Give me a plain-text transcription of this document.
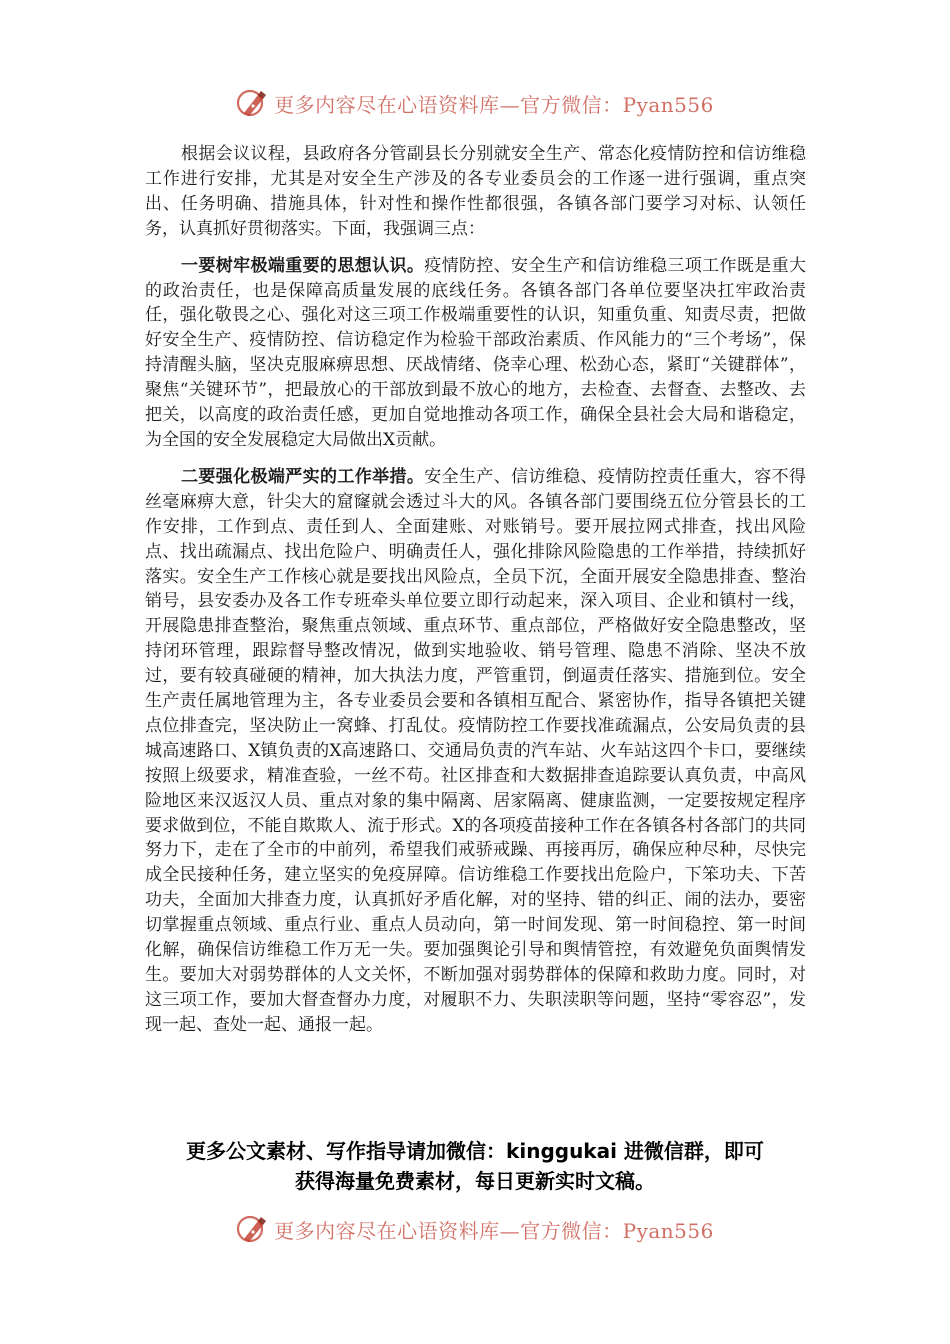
更多内容尽在心语资料库—官方微信：Pyan556

根据会议议程，县政府各分管副县长分别就安全生产、常态化疫情防控和信访维稳工作进行安排，尤其是对安全生产涉及的各专业委员会的工作逐一进行强调，重点突出、任务明确、措施具体，针对性和操作性都很强，各镇各部门要学习对标、认领任务，认真抓好贯彻落实。下面，我强调三点：

一要树牢极端重要的思想认识。疫情防控、安全生产和信访维稳三项工作既是重大的政治责任，也是保障高质量发展的底线任务。各镇各部门各单位要坚决扛牢政治责任，强化敬畏之心、强化对这三项工作极端重要性的认识，知重负重、知责尽责，把做好安全生产、疫情防控、信访稳定作为检验干部政治素质、作风能力的“三个考场”，保持清醒头脑，坚决克服麻痹思想、厌战情绪、侥幸心理、松劲心态，紧盯“关键群体”，聚焦“关键环节”，把最放心的干部放到最不放心的地方，去检查、去督查、去整改、去把关，以高度的政治责任感，更加自觉地推动各项工作，确保全县社会大局和谐稳定，为全国的安全发展稳定大局做出X贡献。

二要强化极端严实的工作举措。安全生产、信访维稳、疫情防控责任重大，容不得丝毫麻痹大意，针尖大的窟窿就会透过斗大的风。各镇各部门要围绕五位分管县长的工作安排，工作到点、责任到人、全面建账、对账销号。要开展拉网式排查，找出风险点、找出疏漏点、找出危险户、明确责任人，强化排除风险隐患的工作举措，持续抓好落实。安全生产工作核心就是要找出风险点，全员下沉，全面开展安全隐患排查、整治销号，县安委办及各工作专班牵头单位要立即行动起来，深入项目、企业和镇村一线，开展隐患排查整治，聚焦重点领域、重点环节、重点部位，严格做好安全隐患整改，坚持闭环管理，跟踪督导整改情况，做到实地验收、销号管理、隐患不消除、坚决不放过，要有较真碰硬的精神，加大执法力度，严管重罚，倒逼责任落实、措施到位。安全生产责任属地管理为主，各专业委员会要和各镇相互配合、紧密协作，指导各镇把关键点位排查完，坚决防止一窝蜂、打乱仗。疫情防控工作要找准疏漏点，公安局负责的县城高速路口、X镇负责的X高速路口、交通局负责的汽车站、火车站这四个卡口，要继续按照上级要求，精准查验，一丝不苟。社区排查和大数据排查追踪要认真负责，中高风险地区来汉返汉人员、重点对象的集中隔离、居家隔离、健康监测，一定要按规定程序要求做到位，不能自欺欺人、流于形式。X的各项疫苗接种工作在各镇各村各部门的共同努力下，走在了全市的中前列，希望我们戒骄戒躁、再接再厉，确保应种尽种，尽快完成全民接种任务，建立坚实的免疫屏障。信访维稳工作要找出危险户，下笨功夫、下苦功夫，全面加大排查力度，认真抓好矛盾化解，对的坚持、错的纠正、闹的法办，要密切掌握重点领域、重点行业、重点人员动向，第一时间发现、第一时间稳控、第一时间化解，确保信访维稳工作万无一失。要加强舆论引导和舆情管控，有效避免负面舆情发生。要加大对弱势群体的人文关怀，不断加强对弱势群体的保障和救助力度。同时，对这三项工作，要加大督查督办力度，对履职不力、失职渎职等问题，坚持“零容忍”，发现一起、查处一起、通报一起。

更多公文素材、写作指导请加微信：kinggukai 进微信群，即可
获得海量免费素材，每日更新实时文稿。
更多内容尽在心语资料库—官方微信：Pyan556
